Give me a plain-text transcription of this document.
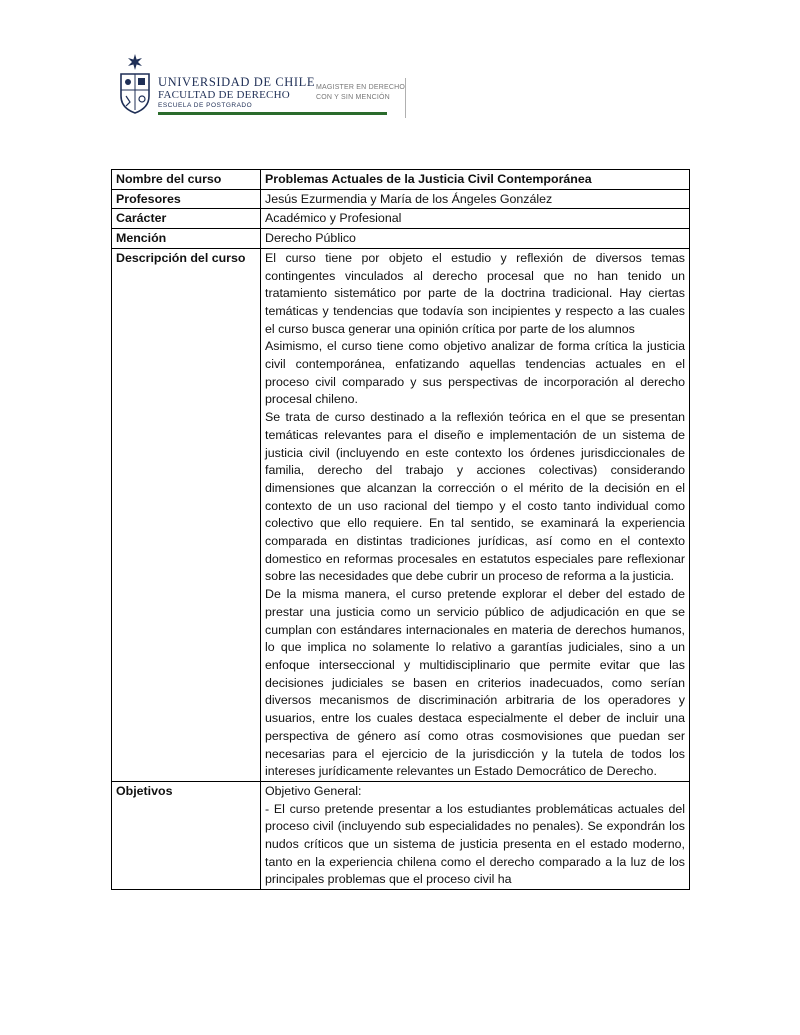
UNIVERSIDAD DE CHILE
FACULTAD DE DERECHO
ESCUELA DE POSTGRADO
MAGISTER EN DERECHO
CON Y SIN MENCIÓN
Nombre del curso	Problemas Actuales de la Justicia Civil Contemporánea
Profesores	Jesús Ezurmendia y María de los Ángeles González
Carácter	Académico y Profesional
Mención	Derecho Público
Descripción del curso	El curso tiene por objeto el estudio y reflexión de diversos temas contingentes vinculados al derecho procesal que no han tenido un tratamiento sistemático por parte de la doctrina tradicional. Hay ciertas temáticas y tendencias que todavía son incipientes y respecto a las cuales el curso busca generar una opinión crítica por parte de los alumnos

Asimismo, el curso tiene como objetivo analizar de forma crítica la justicia civil contemporánea, enfatizando aquellas tendencias actuales en el proceso civil comparado y sus perspectivas de incorporación al derecho procesal chileno.

Se trata de curso destinado a la reflexión teórica en el que se presentan temáticas relevantes para el diseño e implementación de un sistema de justicia civil (incluyendo en este contexto los órdenes jurisdiccionales de familia, derecho del trabajo y acciones colectivas) considerando dimensiones que alcanzan la corrección o el mérito de la decisión en el contexto de un uso racional del tiempo y el costo tanto individual como colectivo que ello requiere. En tal sentido, se examinará la experiencia comparada en distintas tradiciones jurídicas, así como en el contexto domestico en reformas procesales en estatutos especiales pare reflexionar sobre las necesidades que debe cubrir un proceso de reforma a la justicia.

De la misma manera, el curso pretende explorar el deber del estado de prestar una justicia como un servicio público de adjudicación en que se cumplan con estándares internacionales en materia de derechos humanos, lo que implica no solamente lo relativo a garantías judiciales, sino a un enfoque interseccional y multidisciplinario que permite evitar que las decisiones judiciales se basen en criterios inadecuados, como serían diversos mecanismos de discriminación arbitraria de los operadores y usuarios, entre los cuales destaca especialmente el deber de incluir una perspectiva de género así como otras cosmovisiones que puedan ser necesarias para el ejercicio de la jurisdicción y la tutela de todos los intereses jurídicamente relevantes un Estado Democrático de Derecho.

Objetivos	Objetivo General:

- El curso pretende presentar a los estudiantes problemáticas actuales del proceso civil (incluyendo sub especialidades no penales). Se expondrán los nudos críticos que un sistema de justicia presenta en el estado moderno, tanto en la experiencia chilena como el derecho comparado a la luz de los principales problemas que el proceso civil ha
